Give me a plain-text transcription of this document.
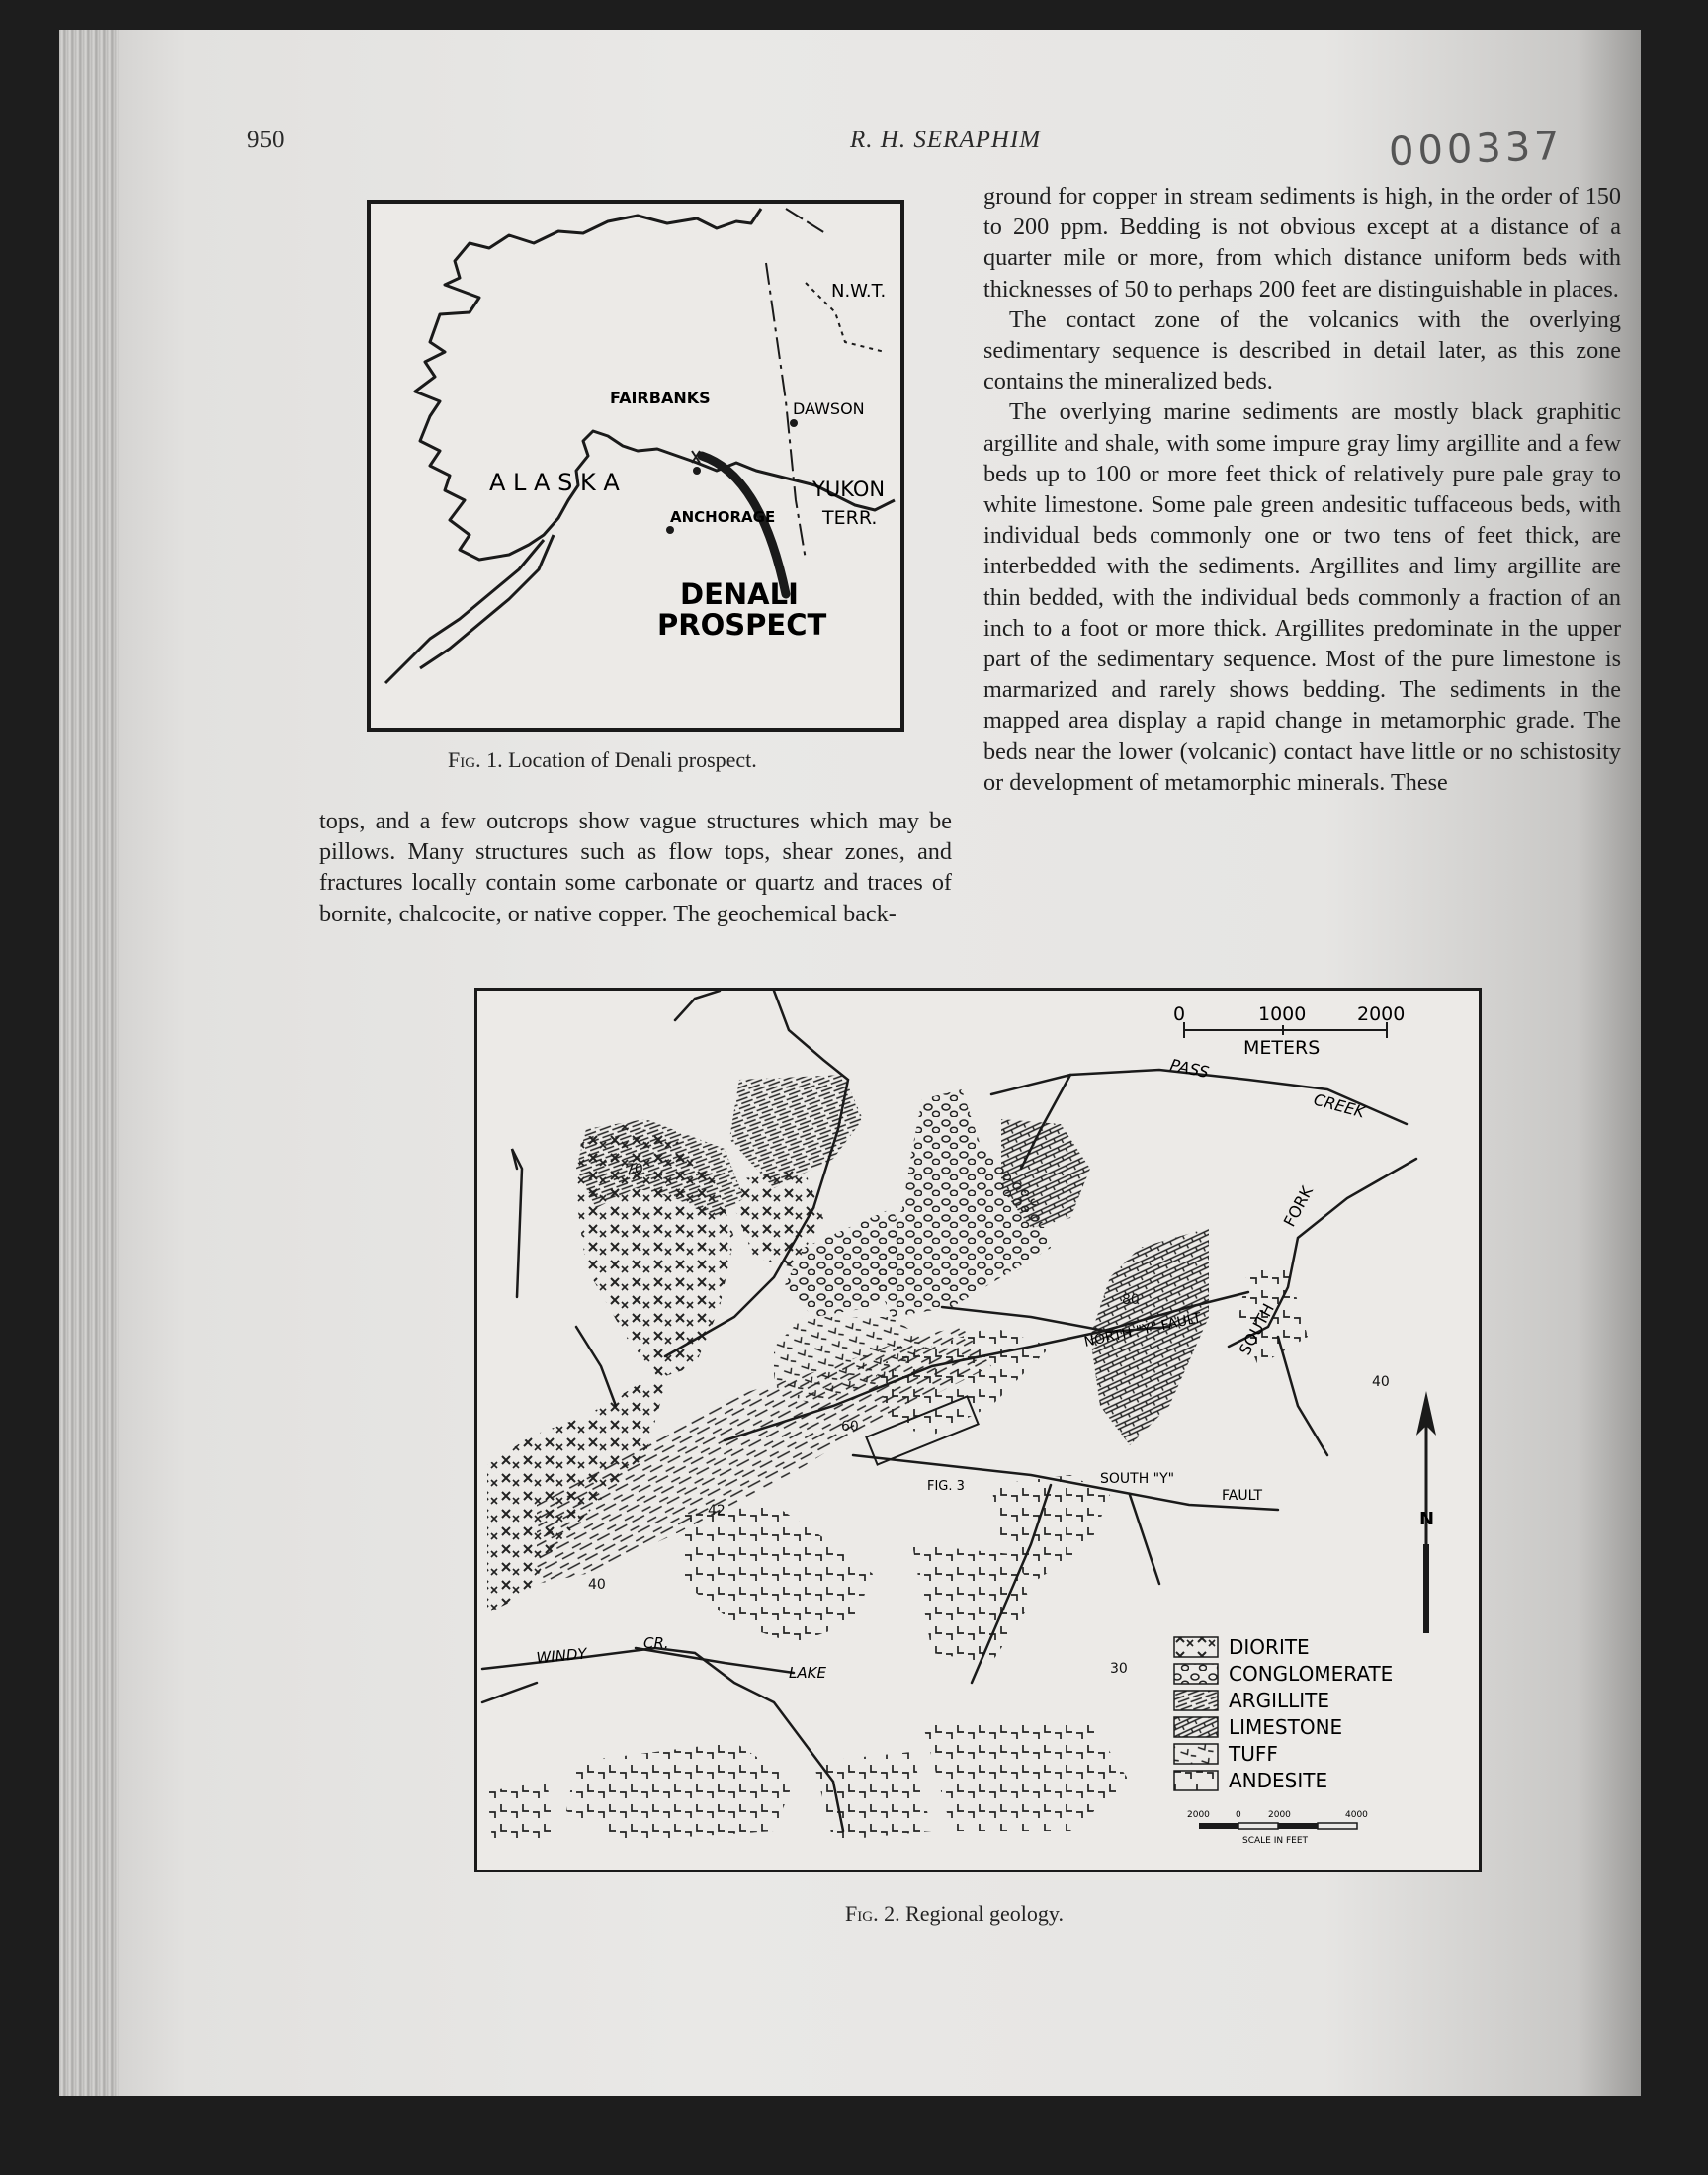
950	R. H. SERAPHIM	000337
N.W.T.
FAIRBANKS
DAWSON
A L A S K A	YUKON
TERR.
ANCHORAGE
DENALI
PROSPECT
Fig. 1. Location of Denali prospect.

ground for copper in stream sediments is high, in the order of 150 to 200 ppm. Bedding is not obvious except at a distance of a quarter mile or more, from which distance uniform beds with thicknesses of 50 to perhaps 200 feet are distinguishable in places.

The contact zone of the volcanics with the overlying sedimentary sequence is described in detail later, as this zone contains the mineralized beds.

The overlying marine sediments are mostly black graphitic argillite and shale, with some impure gray limy argillite and a few beds up to 100 or more feet thick of relatively pure pale gray to white limestone. Some pale green andesitic tuffaceous beds, with individual beds commonly one or two tens of feet thick, are interbedded with the sediments. Argillites and limy argillite are thin bedded, with the individual beds commonly a fraction of an inch to a foot or more thick. Argillites predominate in the upper part of the sedimentary sequence. Most of the pure limestone is marmarized and rarely shows bedding. The sediments in the mapped area display a rapid change in metamorphic grade. The beds near the lower (volcanic) contact have little or no schistosity or development of metamorphic minerals. These

tops, and a few outcrops show vague structures which may be pillows. Many structures such as flow tops, shear zones, and fractures locally contain some carbonate or quartz and traces of bornite, chalcocite, or native copper. The geochemical back-

0	1000	2000
METERS
PASS
CREEK
FORK
SOUTH
NORTH "Y" FAULT
SOUTH "Y"
FAULT
FIG. 3
WINDY
CR.
LAKE
70
60
80
40
42
40
30
N
DIORITE
CONGLOMERATE
ARGILLITE
LIMESTONE
TUFF
ANDESITE
2000	0	2000	4000
SCALE IN FEET
Fig. 2. Regional geology.
